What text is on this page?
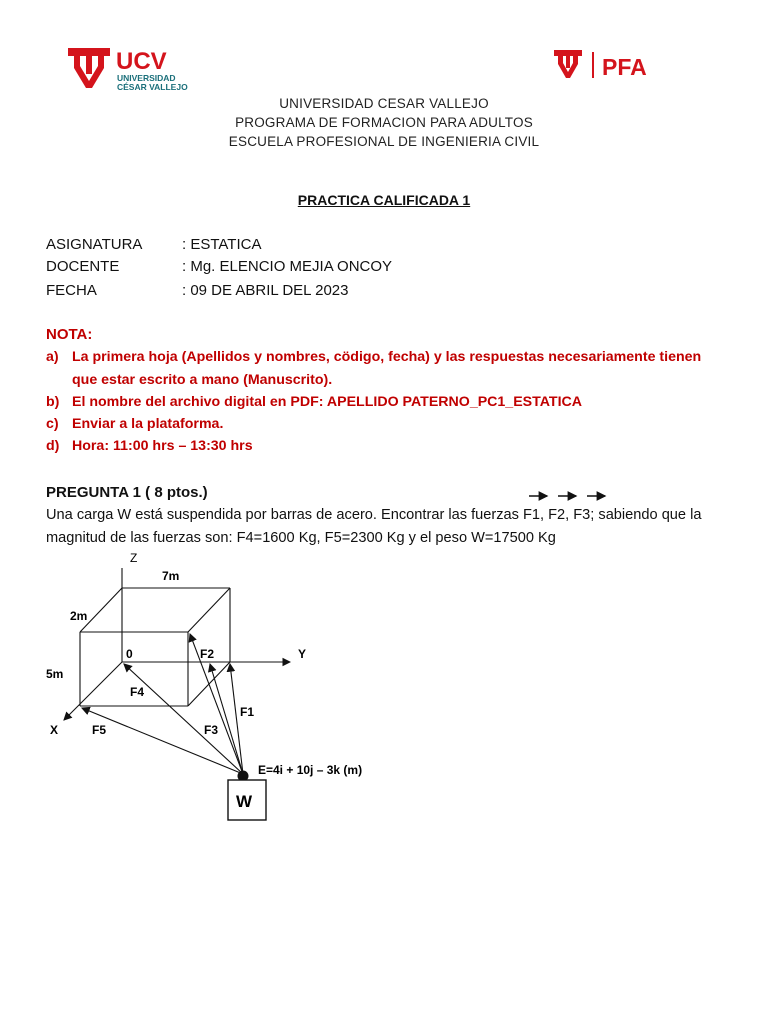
UCV
UNIVERSIDAD
CÉSAR VALLEJO
PFA
UNIVERSIDAD CESAR VALLEJO
PROGRAMA DE FORMACION PARA ADULTOS
ESCUELA PROFESIONAL DE INGENIERIA CIVIL
PRACTICA CALIFICADA 1
ASIGNATURA	: ESTATICA
DOCENTE	: Mg. ELENCIO MEJIA ONCOY
FECHA	: 09 DE ABRIL DEL 2023
NOTA:
a) La primera hoja (Apellidos y nombres, cödigo, fecha) y las respuestas necesariamente tienen
que estar escrito a mano (Manuscrito).
b) El nombre del archivo digital en PDF: APELLIDO PATERNO_PC1_ESTATICA
c) Enviar a la plataforma.
d) Hora: 11:00 hrs – 13:30 hrs
PREGUNTA 1 ( 8 ptos.)
Una carga W está suspendida por barras de acero. Encontrar las fuerzas F1, F2, F3; sabiendo que la
magnitud de las fuerzas son: F4=1600 Kg, F5=2300 Kg y el peso W=17500 Kg
W
Z
Y
X
0
7m
2m
5m
F2
F4
F1
F5	F3
E=4i + 10j – 3k (m)
